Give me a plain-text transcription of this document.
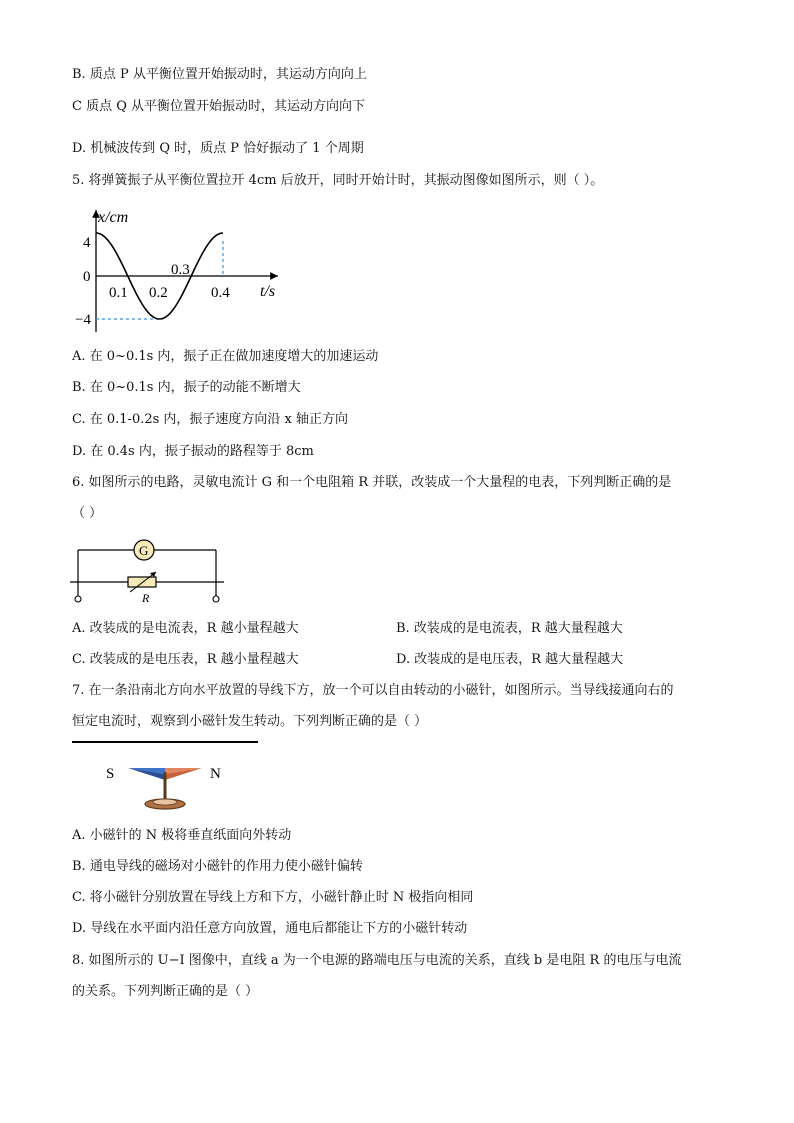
B. 质点 P 从平衡位置开始振动时，其运动方向向上
C 质点 Q 从平衡位置开始振动时，其运动方向向下
D. 机械波传到 Q 时，质点 P 恰好振动了 1 个周期
5. 将弹簧振子从平衡位置拉开 4cm 后放开，同时开始计时，其振动图像如图所示，则（ ）。
x/cm
t/s
4
0
−4
0.1 0.2
0.3
0.4
A. 在 0~0.1s 内，振子正在做加速度增大的加速运动
B. 在 0~0.1s 内，振子的动能不断增大
C. 在 0.1-0.2s 内，振子速度方向沿 x 轴正方向
D. 在 0.4s 内，振子振动的路程等于 8cm
6. 如图所示的电路，灵敏电流计 G 和一个电阻箱 R 并联，改装成一个大量程的电表，下列判断正确的是
（ ）
G
R
A. 改装成的是电流表，R 越小量程越大	B. 改装成的是电流表，R 越大量程越大
C. 改装成的是电压表，R 越小量程越大	D. 改装成的是电压表，R 越大量程越大
7. 在一条沿南北方向水平放置的导线下方，放一个可以自由转动的小磁针，如图所示。当导线接通向右的
恒定电流时，观察到小磁针发生转动。下列判断正确的是（ ）
S	N
A. 小磁针的 N 极将垂直纸面向外转动
B. 通电导线的磁场对小磁针的作用力使小磁针偏转
C. 将小磁针分别放置在导线上方和下方，小磁针静止时 N 极指向相同
D. 导线在水平面内沿任意方向放置，通电后都能让下方的小磁针转动
8. 如图所示的 U−I 图像中，直线 a 为一个电源的路端电压与电流的关系，直线 b 是电阻 R 的电压与电流
的关系。下列判断正确的是（ ）
